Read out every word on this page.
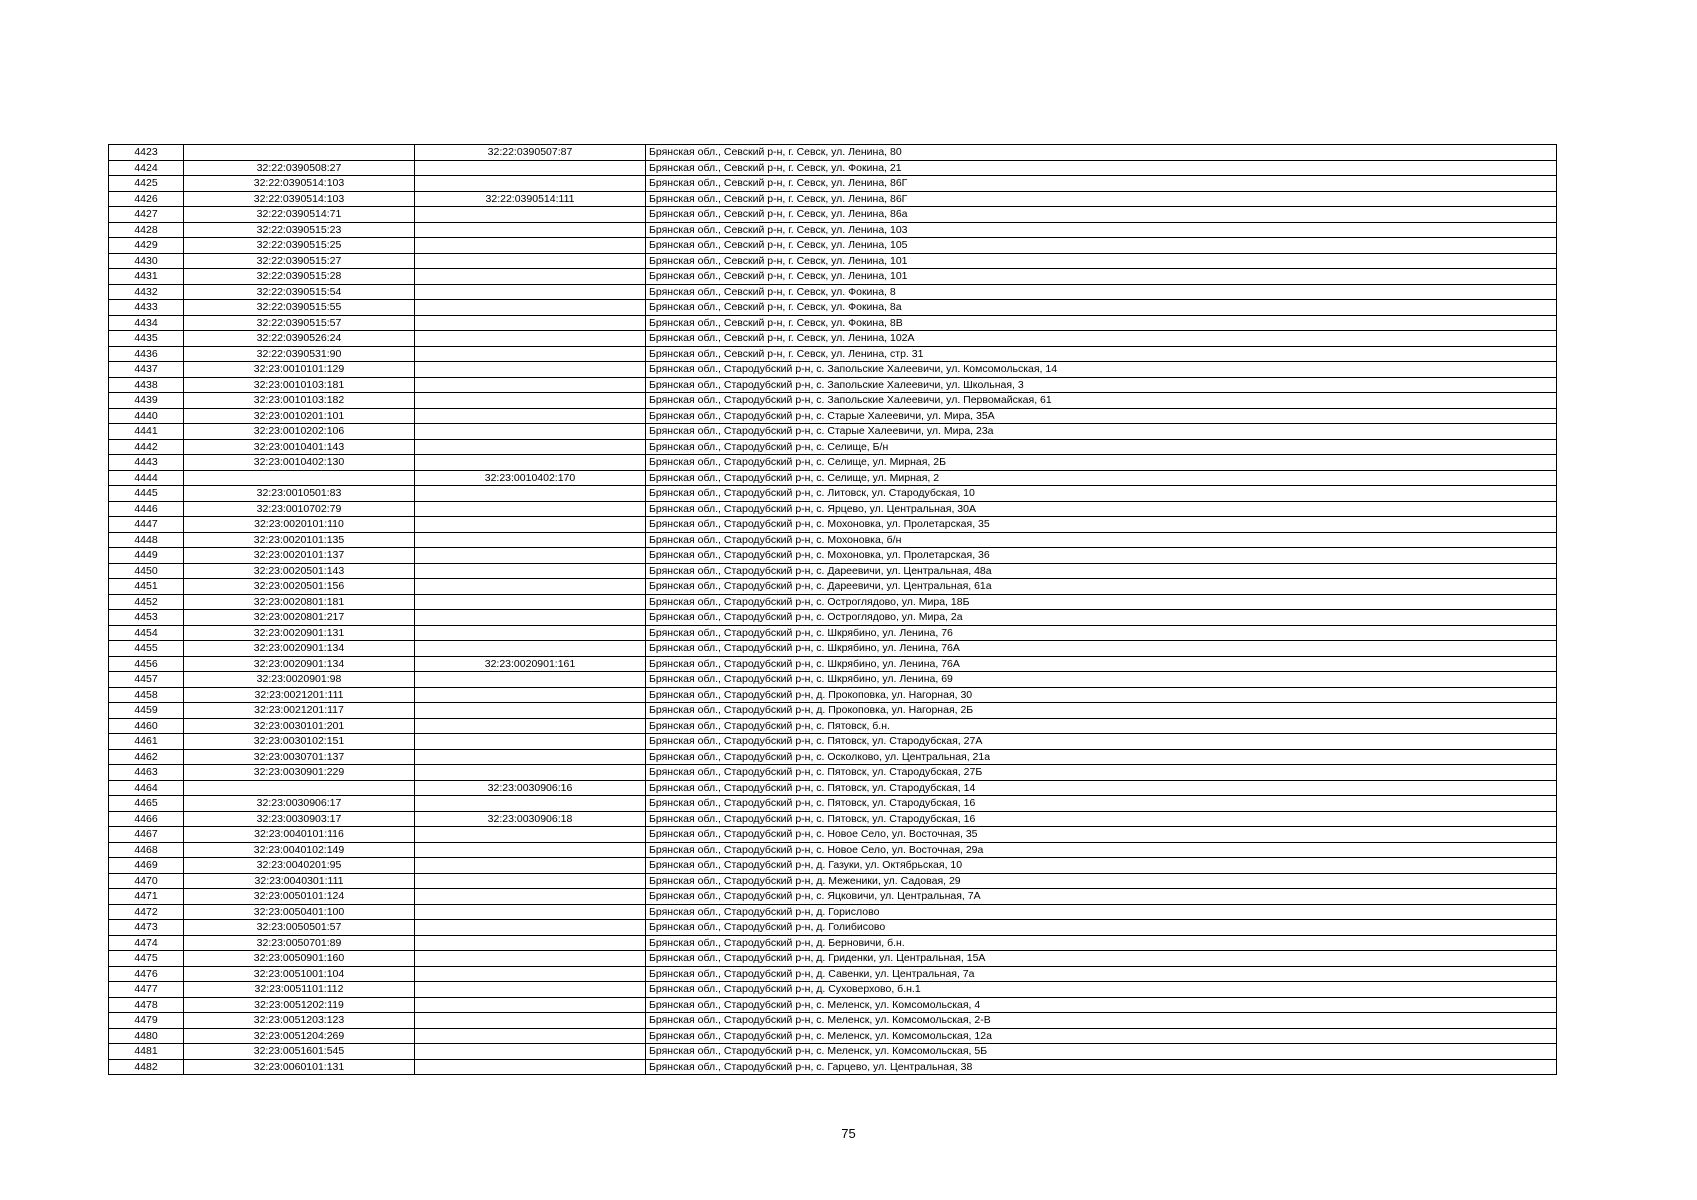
4423		32:22:0390507:87	Брянская обл., Севский р-н, г. Севск, ул. Ленина, 80
4424	32:22:0390508:27		Брянская обл., Севский р-н, г. Севск, ул. Фокина, 21
4425	32:22:0390514:103		Брянская обл., Севский р-н, г. Севск, ул. Ленина, 86Г
4426	32:22:0390514:103	32:22:0390514:111	Брянская обл., Севский р-н, г. Севск, ул. Ленина, 86Г
4427	32:22:0390514:71		Брянская обл., Севский р-н, г. Севск, ул. Ленина, 86а
4428	32:22:0390515:23		Брянская обл., Севский р-н, г. Севск, ул. Ленина, 103
4429	32:22:0390515:25		Брянская обл., Севский р-н, г. Севск, ул. Ленина, 105
4430	32:22:0390515:27		Брянская обл., Севский р-н, г. Севск, ул. Ленина, 101
4431	32:22:0390515:28		Брянская обл., Севский р-н, г. Севск, ул. Ленина, 101
4432	32:22:0390515:54		Брянская обл., Севский р-н, г. Севск, ул. Фокина, 8
4433	32:22:0390515:55		Брянская обл., Севский р-н, г. Севск, ул. Фокина, 8а
4434	32:22:0390515:57		Брянская обл., Севский р-н, г. Севск, ул. Фокина, 8В
4435	32:22:0390526:24		Брянская обл., Севский р-н, г. Севск, ул. Ленина, 102А
4436	32:22:0390531:90		Брянская обл., Севский р-н, г. Севск, ул. Ленина, стр. 31
4437	32:23:0010101:129		Брянская обл., Стародубский р-н, с. Запольские Халеевичи, ул. Комсомольская, 14
4438	32:23:0010103:181		Брянская обл., Стародубский р-н, с. Запольские Халеевичи, ул. Школьная, 3
4439	32:23:0010103:182		Брянская обл., Стародубский р-н, с. Запольские Халеевичи, ул. Первомайская, 61
4440	32:23:0010201:101		Брянская обл., Стародубский р-н, с. Старые Халеевичи, ул. Мира, 35А
4441	32:23:0010202:106		Брянская обл., Стародубский р-н, с. Старые Халеевичи, ул. Мира, 23а
4442	32:23:0010401:143		Брянская обл., Стародубский р-н, с. Селище, Б/н
4443	32:23:0010402:130		Брянская обл., Стародубский р-н, с. Селище, ул. Мирная, 2Б
4444		32:23:0010402:170	Брянская обл., Стародубский р-н, с. Селище, ул. Мирная, 2
4445	32:23:0010501:83		Брянская обл., Стародубский р-н, с. Литовск, ул. Стародубская, 10
4446	32:23:0010702:79		Брянская обл., Стародубский р-н, с. Ярцево, ул. Центральная, 30А
4447	32:23:0020101:110		Брянская обл., Стародубский р-н, с. Мохоновка, ул. Пролетарская, 35
4448	32:23:0020101:135		Брянская обл., Стародубский р-н, с. Мохоновка, б/н
4449	32:23:0020101:137		Брянская обл., Стародубский р-н, с. Мохоновка, ул. Пролетарская, 36
4450	32:23:0020501:143		Брянская обл., Стародубский р-н, с. Дареевичи, ул. Центральная, 48а
4451	32:23:0020501:156		Брянская обл., Стародубский р-н, с. Дареевичи, ул. Центральная, 61а
4452	32:23:0020801:181		Брянская обл., Стародубский р-н, с. Остроглядово, ул. Мира, 18Б
4453	32:23:0020801:217		Брянская обл., Стародубский р-н, с. Остроглядово, ул. Мира, 2а
4454	32:23:0020901:131		Брянская обл., Стародубский р-н, с. Шкрябино, ул. Ленина, 76
4455	32:23:0020901:134		Брянская обл., Стародубский р-н, с. Шкрябино, ул. Ленина, 76А
4456	32:23:0020901:134	32:23:0020901:161	Брянская обл., Стародубский р-н, с. Шкрябино, ул. Ленина, 76А
4457	32:23:0020901:98		Брянская обл., Стародубский р-н, с. Шкрябино, ул. Ленина, 69
4458	32:23:0021201:111		Брянская обл., Стародубский р-н, д. Прокоповка, ул. Нагорная, 30
4459	32:23:0021201:117		Брянская обл., Стародубский р-н, д. Прокоповка, ул. Нагорная, 2Б
4460	32:23:0030101:201		Брянская обл., Стародубский р-н, с. Пятовск, б.н.
4461	32:23:0030102:151		Брянская обл., Стародубский р-н, с. Пятовск, ул. Стародубская, 27А
4462	32:23:0030701:137		Брянская обл., Стародубский р-н, с. Осколково, ул. Центральная, 21а
4463	32:23:0030901:229		Брянская обл., Стародубский р-н, с. Пятовск, ул. Стародубская, 27Б
4464		32:23:0030906:16	Брянская обл., Стародубский р-н, с. Пятовск, ул. Стародубская, 14
4465	32:23:0030906:17		Брянская обл., Стародубский р-н, с. Пятовск, ул. Стародубская, 16
4466	32:23:0030903:17	32:23:0030906:18	Брянская обл., Стародубский р-н, с. Пятовск, ул. Стародубская, 16
4467	32:23:0040101:116		Брянская обл., Стародубский р-н, с. Новое Село, ул. Восточная, 35
4468	32:23:0040102:149		Брянская обл., Стародубский р-н, с. Новое Село, ул. Восточная, 29а
4469	32:23:0040201:95		Брянская обл., Стародубский р-н, д. Газуки, ул. Октябрьская, 10
4470	32:23:0040301:111		Брянская обл., Стародубский р-н, д. Меженики, ул. Садовая, 29
4471	32:23:0050101:124		Брянская обл., Стародубский р-н, с. Яцковичи, ул. Центральная, 7А
4472	32:23:0050401:100		Брянская обл., Стародубский р-н, д. Горислово
4473	32:23:0050501:57		Брянская обл., Стародубский р-н, д. Голибисово
4474	32:23:0050701:89		Брянская обл., Стародубский р-н, д. Берновичи, б.н.
4475	32:23:0050901:160		Брянская обл., Стародубский р-н, д. Гриденки, ул. Центральная, 15А
4476	32:23:0051001:104		Брянская обл., Стародубский р-н, д. Савенки, ул. Центральная, 7а
4477	32:23:0051101:112		Брянская обл., Стародубский р-н, д. Суховерхово, б.н.1
4478	32:23:0051202:119		Брянская обл., Стародубский р-н, с. Меленск, ул. Комсомольская, 4
4479	32:23:0051203:123		Брянская обл., Стародубский р-н, с. Меленск, ул. Комсомольская, 2-В
4480	32:23:0051204:269		Брянская обл., Стародубский р-н, с. Меленск, ул. Комсомольская, 12а
4481	32:23:0051601:545		Брянская обл., Стародубский р-н, с. Меленск, ул. Комсомольская, 5Б
4482	32:23:0060101:131		Брянская обл., Стародубский р-н, с. Гарцево, ул. Центральная, 38
75
